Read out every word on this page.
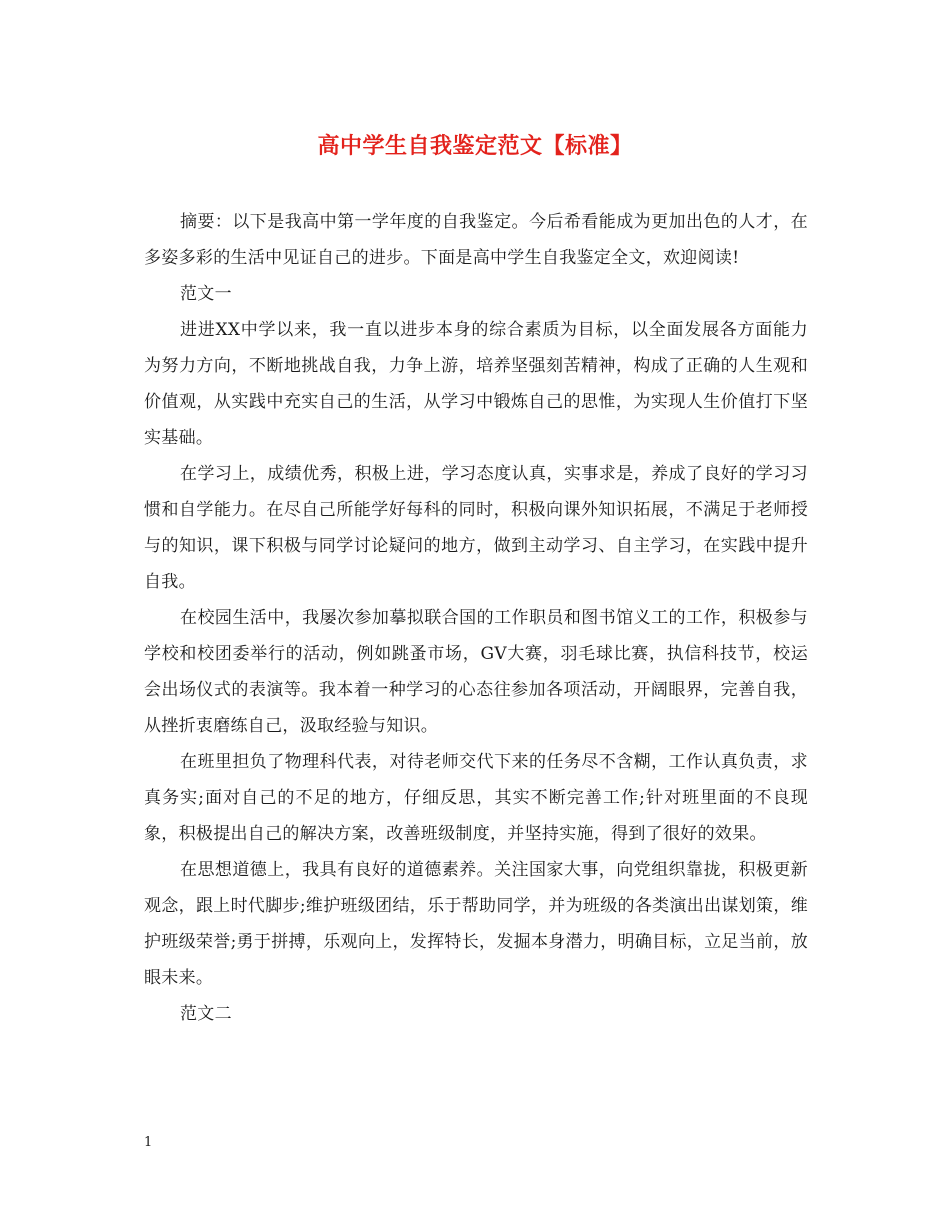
高中学生自我鉴定范文【标准】

摘要：以下是我高中第一学年度的自我鉴定。今后希看能成为更加出色的人才，在多姿多彩的生活中见证自己的进步。下面是高中学生自我鉴定全文，欢迎阅读!

范文一

进进XX中学以来，我一直以进步本身的综合素质为目标，以全面发展各方面能力为努力方向，不断地挑战自我，力争上游，培养坚强刻苦精神，构成了正确的人生观和价值观，从实践中充实自己的生活，从学习中锻炼自己的思惟，为实现人生价值打下坚实基础。

在学习上，成绩优秀，积极上进，学习态度认真，实事求是，养成了良好的学习习惯和自学能力。在尽自己所能学好每科的同时，积极向课外知识拓展，不满足于老师授与的知识，课下积极与同学讨论疑问的地方，做到主动学习、自主学习，在实践中提升自我。

在校园生活中，我屡次参加摹拟联合国的工作职员和图书馆义工的工作，积极参与学校和校团委举行的活动，例如跳蚤市场，GV大赛，羽毛球比赛，执信科技节，校运会出场仪式的表演等。我本着一种学习的心态往参加各项活动，开阔眼界，完善自我，从挫折衷磨练自己，汲取经验与知识。

在班里担负了物理科代表，对待老师交代下来的任务尽不含糊，工作认真负责，求真务实;面对自己的不足的地方，仔细反思，其实不断完善工作;针对班里面的不良现象，积极提出自己的解决方案，改善班级制度，并坚持实施，得到了很好的效果。

在思想道德上，我具有良好的道德素养。关注国家大事，向党组织靠拢，积极更新观念，跟上时代脚步;维护班级团结，乐于帮助同学，并为班级的各类演出出谋划策，维护班级荣誉;勇于拼搏，乐观向上，发挥特长，发掘本身潜力，明确目标，立足当前，放眼未来。

范文二

1
